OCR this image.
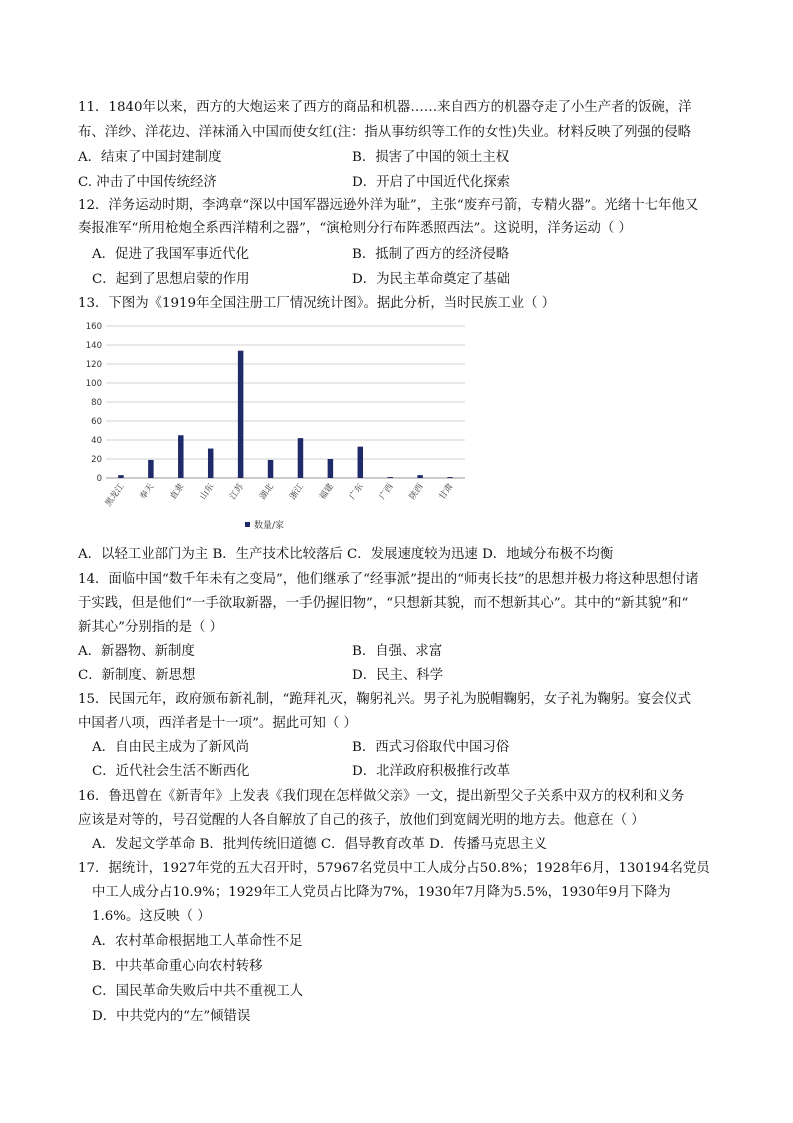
11．1840年以来，西方的大炮运来了西方的商品和机器……来自西方的机器夺走了小生产者的饭碗，洋
布、洋纱、洋花边、洋袜涌入中国而使女红(注：指从事纺织等工作的女性)失业。材料反映了列强的侵略
A．结束了中国封建制度	B．损害了中国的领土主权
C. 冲击了中国传统经济	D．开启了中国近代化探索
12．洋务运动时期，李鸿章“深以中国军器远逊外洋为耻”，主张“废弃弓箭，专精火器”。光绪十七年他又
奏报准军“所用枪炮全系西洋精利之器”，“演枪则分行布阵悉照西法”。这说明，洋务运动（ ）
A．促进了我国军事近代化	B．抵制了西方的经济侵略
C．起到了思想启蒙的作用	D．为民主革命奠定了基础
13．下图为《1919年全国注册工厂情况统计图》。据此分析，当时民族工业（ ）
0
20
40
60
80
100
120
140
160
黑龙江 奉天 直隶 山东 江苏 湖北 浙江 福建 广东 广西 陕西 甘肃
数量/家
A．以轻工业部门为主 B．生产技术比较落后 C．发展速度较为迅速 D．地域分布极不均衡
14．面临中国“数千年未有之变局”，他们继承了“经事派”提出的“师夷长技”的思想并极力将这种思想付诸
于实践，但是他们“一手欲取新器，一手仍握旧物”，“只想新其貌，而不想新其心”。其中的“新其貌”和“
新其心”分别指的是（ ）
A．新器物、新制度	B．自强、求富
C．新制度、新思想	D．民主、科学
15．民国元年，政府颁布新礼制，“跪拜礼灭，鞠躬礼兴。男子礼为脱帽鞠躬，女子礼为鞠躬。宴会仪式
中国者八项，西洋者是十一项”。据此可知（ ）
A．自由民主成为了新风尚	B．西式习俗取代中国习俗
C．近代社会生活不断西化	D．北洋政府积极推行改革
16．鲁迅曾在《新青年》上发表《我们现在怎样做父亲》一文，提出新型父子关系中双方的权利和义务
应该是对等的，号召觉醒的人各自解放了自己的孩子，放他们到宽阔光明的地方去。他意在（ ）
A．发起文学革命 B．批判传统旧道德 C．倡导教育改革 D．传播马克思主义
17．据统计，1927年党的五大召开时，57967名党员中工人成分占50.8%；1928年6月，130194名党员
中工人成分占10.9%；1929年工人党员占比降为7%，1930年7月降为5.5%，1930年9月下降为
1.6%。这反映（ ）
A．农村革命根据地工人革命性不足
B．中共革命重心向农村转移
C．国民革命失败后中共不重视工人
D．中共党内的“左”倾错误
